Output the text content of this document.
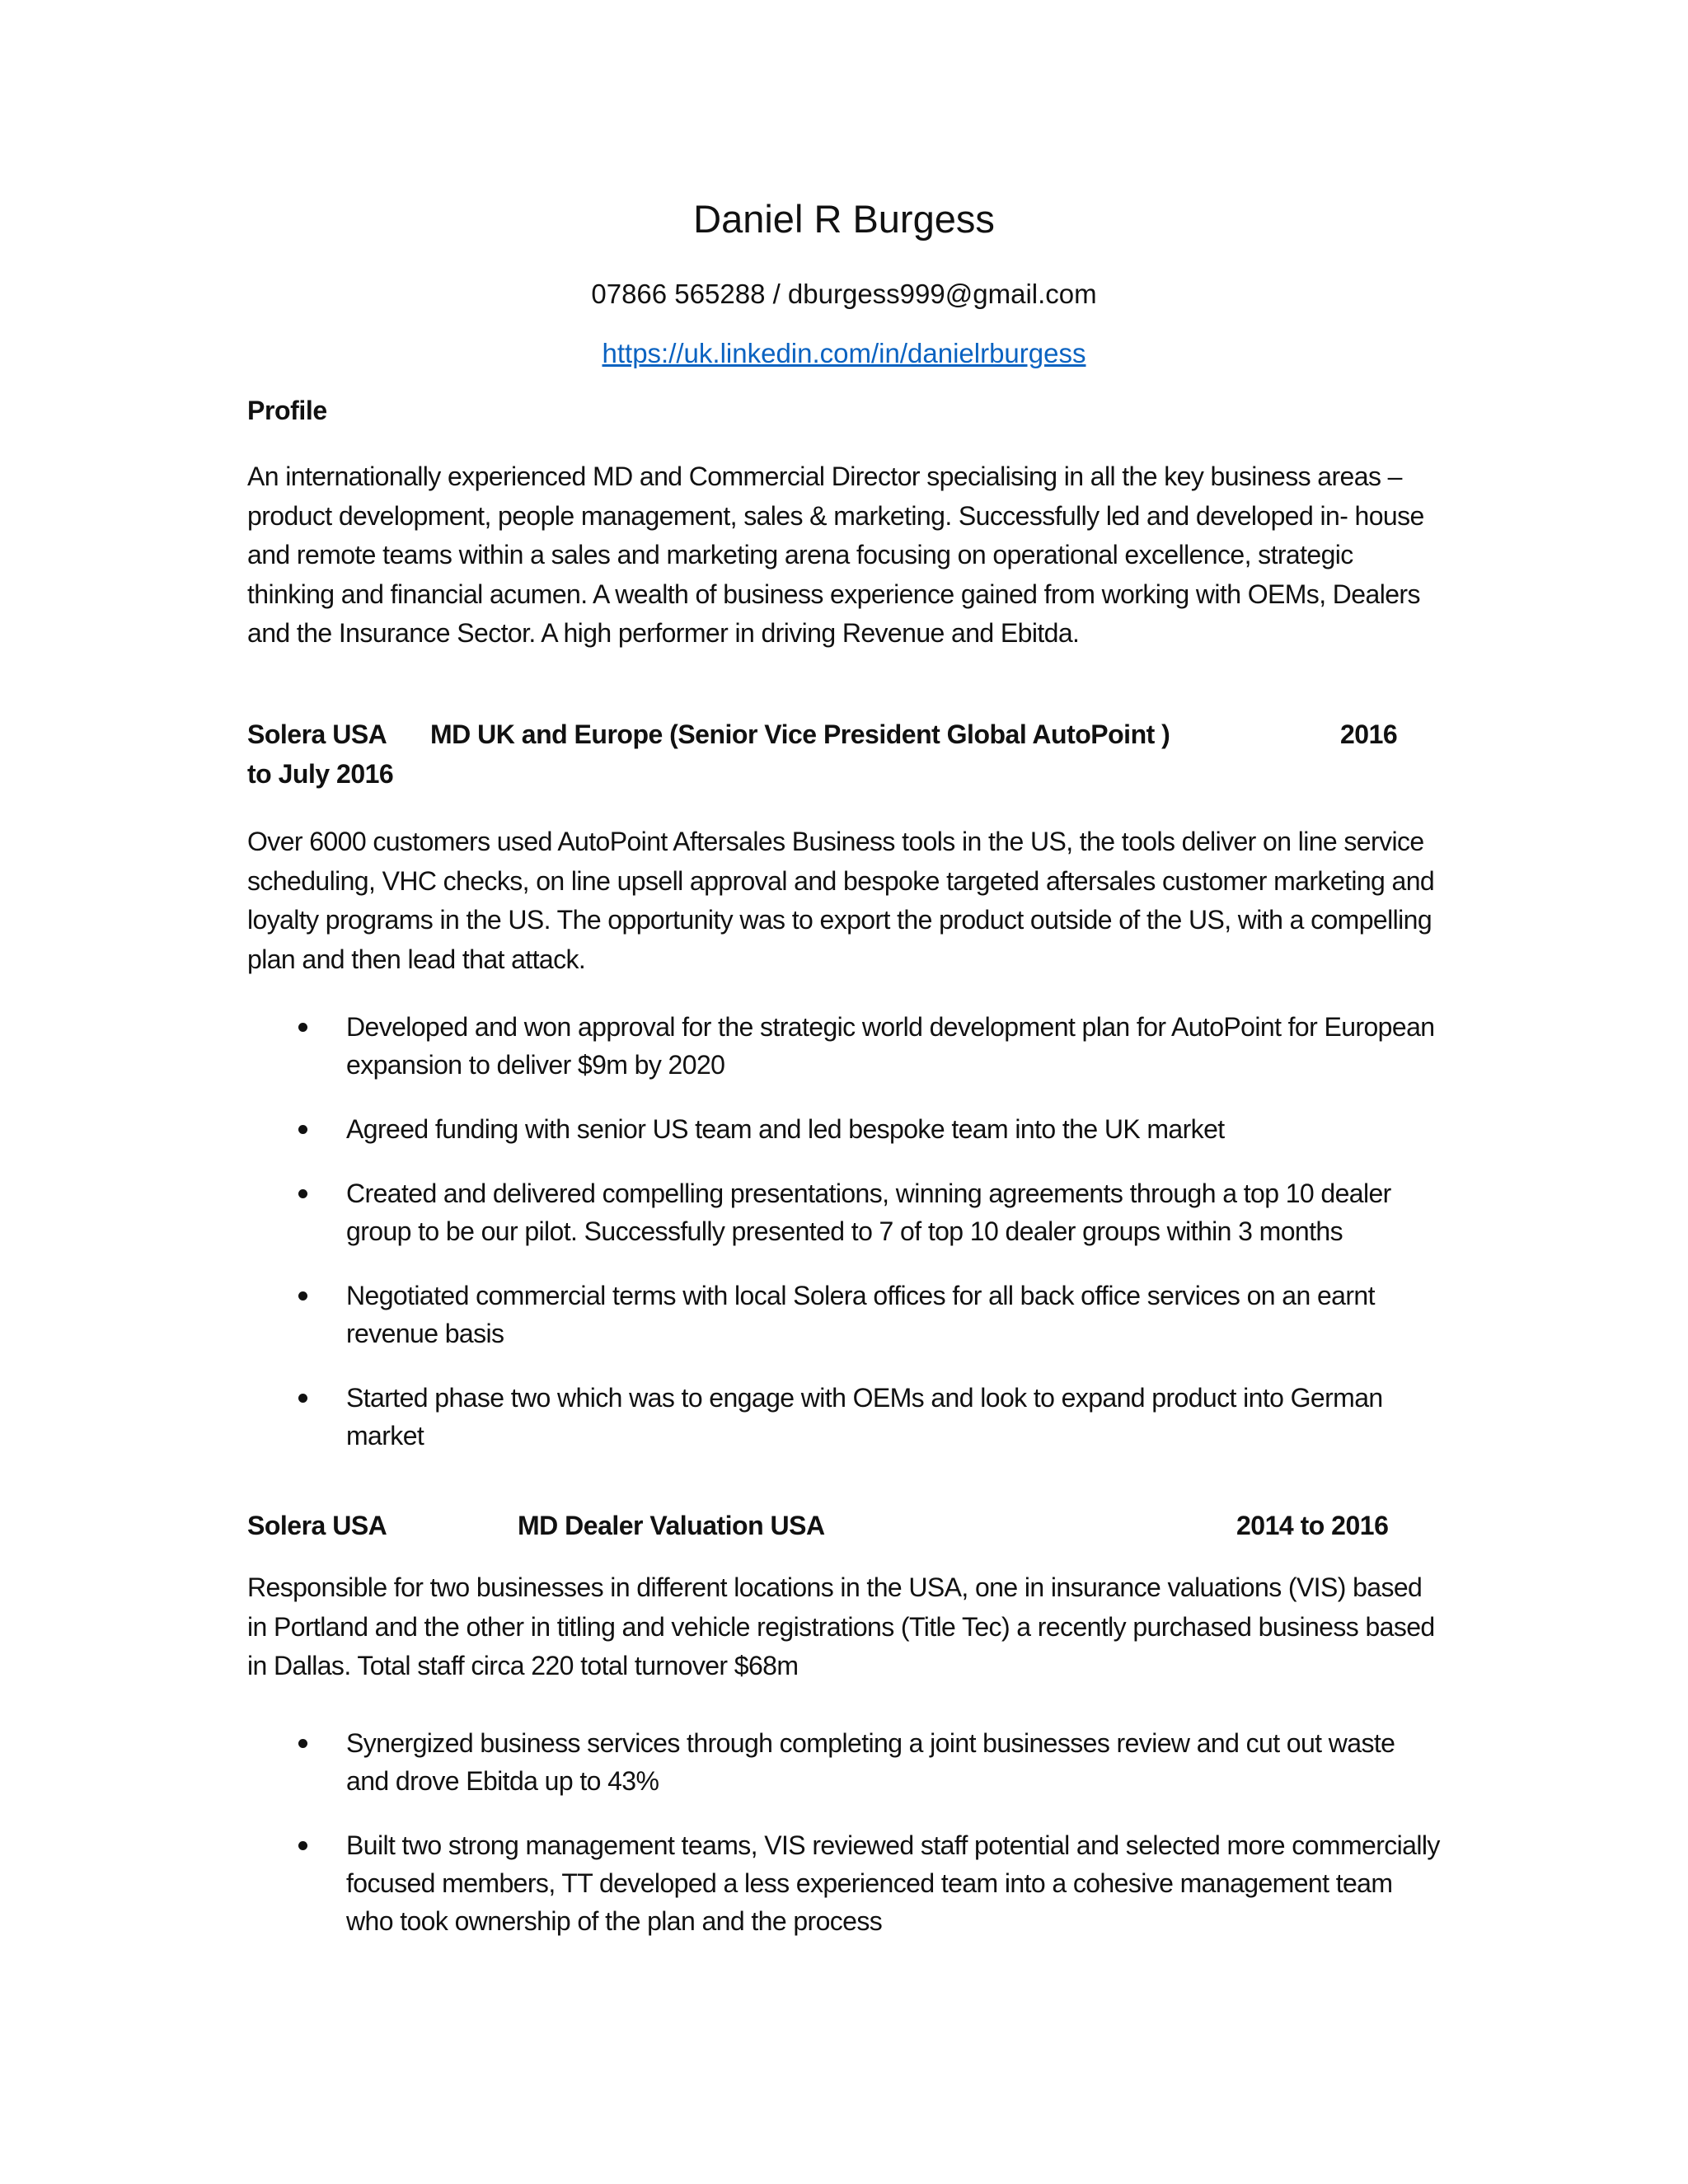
Daniel R Burgess
07866 565288 / dburgess999@gmail.com
https://uk.linkedin.com/in/danielrburgess
Profile
An internationally experienced MD and Commercial Director specialising in all the key business areas – product development, people management, sales & marketing. Successfully led and developed in- house and remote teams within a sales and marketing arena focusing on operational excellence, strategic thinking and financial acumen. A wealth of business experience gained from working with OEMs, Dealers and the Insurance Sector. A high performer in driving Revenue and Ebitda.
Solera USA MD UK and Europe (Senior Vice President Global AutoPoint )	2016
to July 2016
Over 6000 customers used AutoPoint Aftersales Business tools in the US, the tools deliver on line service scheduling, VHC checks, on line upsell approval and bespoke targeted aftersales customer marketing and loyalty programs in the US. The opportunity was to export the product outside of the US, with a compelling plan and then lead that attack.
Developed and won approval for the strategic world development plan for AutoPoint for European expansion to deliver $9m by 2020
Agreed funding with senior US team and led bespoke team into the UK market
Created and delivered compelling presentations, winning agreements through a top 10 dealer group to be our pilot. Successfully presented to 7 of top 10 dealer groups within 3 months
Negotiated commercial terms with local Solera offices for all back office services on an earnt revenue basis
Started phase two which was to engage with OEMs and look to expand product into German market
Solera USA	MD Dealer Valuation USA	2014 to 2016
Responsible for two businesses in different locations in the USA, one in insurance valuations (VIS) based in Portland and the other in titling and vehicle registrations (Title Tec) a recently purchased business based in Dallas. Total staff circa 220 total turnover $68m
Synergized business services through completing a joint businesses review and cut out waste and drove Ebitda up to 43%
Built two strong management teams, VIS reviewed staff potential and selected more commercially focused members, TT developed a less experienced team into a cohesive management team who took ownership of the plan and the process
